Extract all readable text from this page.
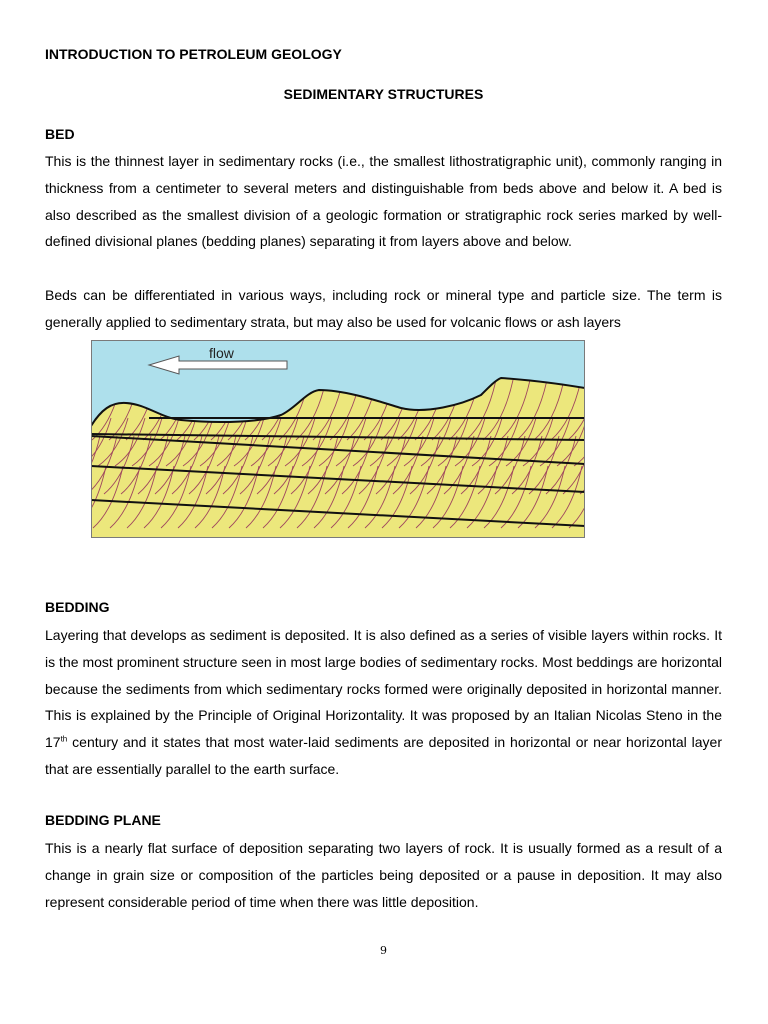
INTRODUCTION TO PETROLEUM GEOLOGY
SEDIMENTARY STRUCTURES
BED

This is the thinnest layer in sedimentary rocks (i.e., the smallest lithostratigraphic unit), commonly ranging in thickness from a centimeter to several meters and distinguishable from beds above and below it. A bed is also described as the smallest division of a geologic formation or stratigraphic rock series marked by well-defined divisional planes (bedding planes) separating it from layers above and below.

Beds can be differentiated in various ways, including rock or mineral type and particle size. The term is generally applied to sedimentary strata, but may also be used for volcanic flows or ash layers

flow
BEDDING

Layering that develops as sediment is deposited. It is also defined as a series of visible layers within rocks. It is the most prominent structure seen in most large bodies of sedimentary rocks. Most beddings are horizontal because the sediments from which sedimentary rocks formed were originally deposited in horizontal manner. This is explained by the Principle of Original Horizontality. It was proposed by an Italian Nicolas Steno in the 17th century and it states that most water-laid sediments are deposited in horizontal or near horizontal layer that are essentially parallel to the earth surface.

BEDDING PLANE

This is a nearly flat surface of deposition separating two layers of rock. It is usually formed as a result of a change in grain size or composition of the particles being deposited or a pause in deposition. It may also represent considerable period of time when there was little deposition.

9
